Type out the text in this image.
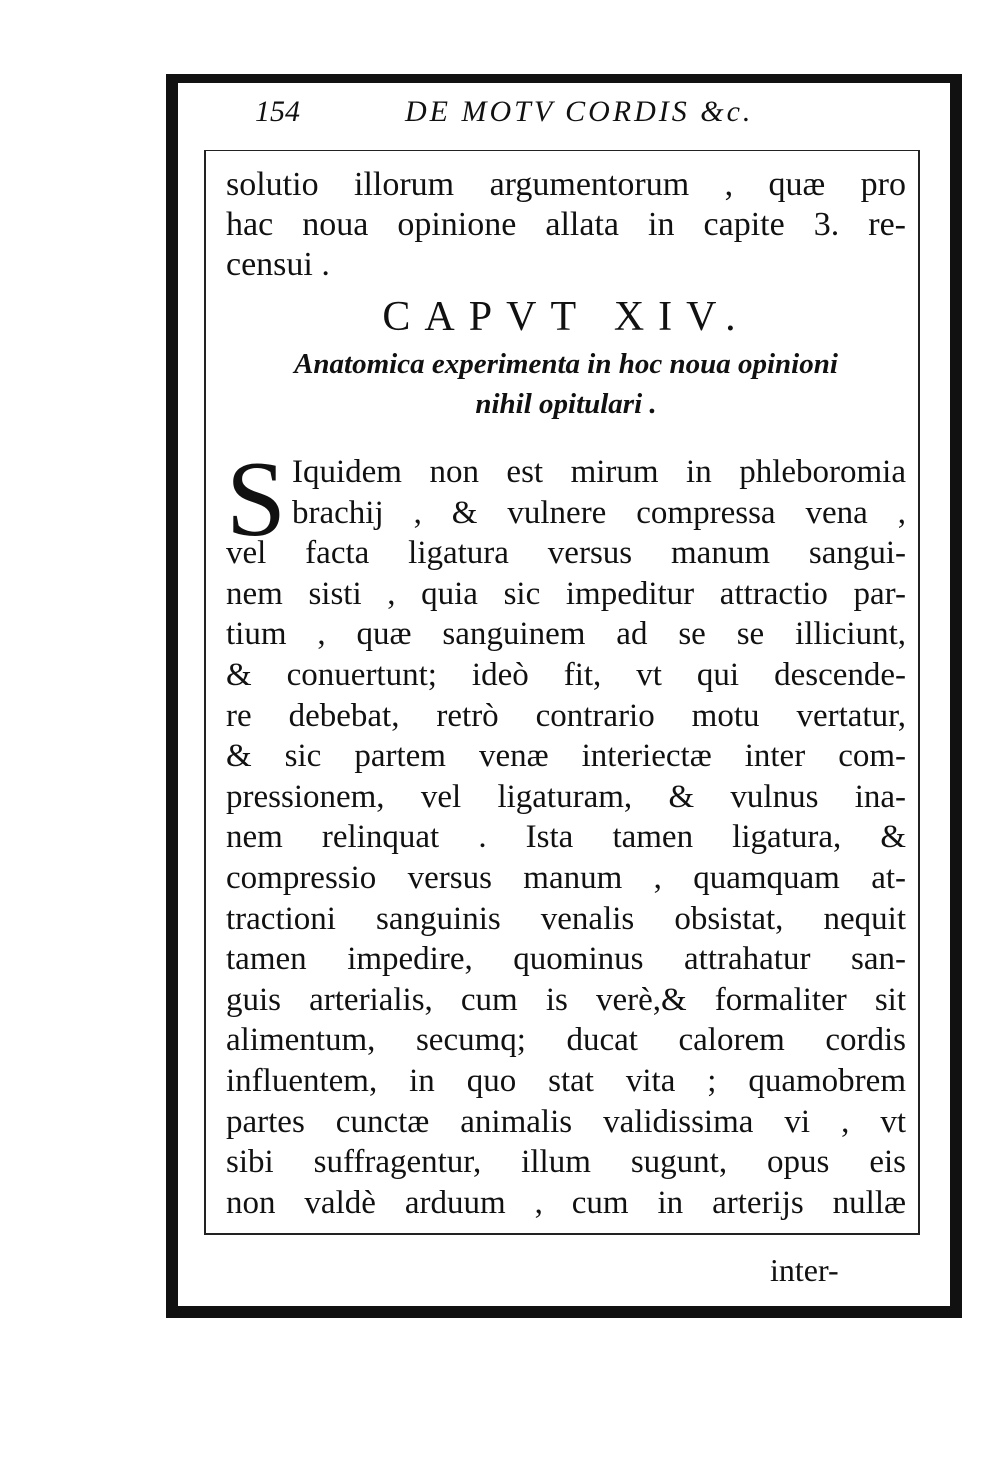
154	DE MOTV CORDIS &c.
solutio illorum argumentorum , quæ pro
hac noua opinione allata in capite 3. re-
censui .
CAPVT XIV.
Anatomica experimenta in hoc noua opinioni
nihil opitulari .
S Iquidem non est mirum in phleboromia
brachij , & vulnere compressa vena ,
vel facta ligatura versus manum sangui-
nem sisti , quia sic impeditur attractio par-
tium , quæ sanguinem ad se se illiciunt,
& conuertunt; ideò fit, vt qui descende-
re debebat, retrò contrario motu vertatur,
& sic partem venæ interiectæ inter com-
pressionem, vel ligaturam, & vulnus ina-
nem relinquat . Ista tamen ligatura, &
compressio versus manum , quamquam at-
tractioni sanguinis venalis obsistat, nequit
tamen impedire, quominus attrahatur san-
guis arterialis, cum is verè,& formaliter sit
alimentum, secumq; ducat calorem cordis
influentem, in quo stat vita ; quamobrem
partes cunctæ animalis validissima vi , vt
sibi suffragentur, illum sugunt, opus eis
non valdè arduum , cum in arterijs nullæ
inter-
